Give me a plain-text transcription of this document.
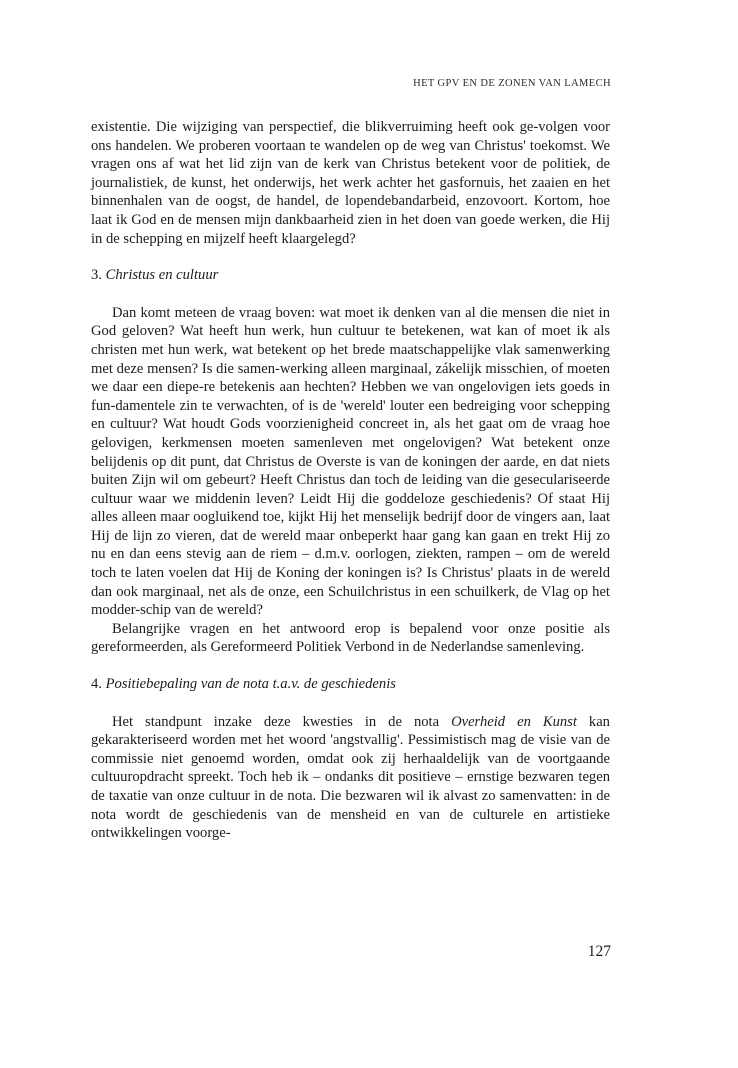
HET GPV EN DE ZONEN VAN LAMECH

existentie. Die wijziging van perspectief, die blikverruiming heeft ook ge-volgen voor ons handelen. We proberen voortaan te wandelen op de weg van Christus' toekomst. We vragen ons af wat het lid zijn van de kerk van Christus betekent voor de politiek, de journalistiek, de kunst, het onderwijs, het werk achter het gasfornuis, het zaaien en het binnenhalen van de oogst, de handel, de lopendebandarbeid, enzovoort. Kortom, hoe laat ik God en de mensen mijn dankbaarheid zien in het doen van goede werken, die Hij in de schepping en mijzelf heeft klaargelegd?

3. Christus en cultuur

Dan komt meteen de vraag boven: wat moet ik denken van al die mensen die niet in God geloven? Wat heeft hun werk, hun cultuur te betekenen, wat kan of moet ik als christen met hun werk, wat betekent op het brede maatschappelijke vlak samenwerking met deze mensen? Is die samen-werking alleen marginaal, zákelijk misschien, of moeten we daar een diepe-re betekenis aan hechten? Hebben we van ongelovigen iets goeds in fun-damentele zin te verwachten, of is de 'wereld' louter een bedreiging voor schepping en cultuur? Wat houdt Gods voorzienigheid concreet in, als het gaat om de vraag hoe gelovigen, kerkmensen moeten samenleven met ongelovigen? Wat betekent onze belijdenis op dit punt, dat Christus de Overste is van de koningen der aarde, en dat niets buiten Zijn wil om gebeurt? Heeft Christus dan toch de leiding van die geseculariseerde cultuur waar we middenin leven? Leidt Hij die goddeloze geschiedenis? Of staat Hij alles alleen maar oogluikend toe, kijkt Hij het menselijk bedrijf door de vingers aan, laat Hij de lijn zo vieren, dat de wereld maar onbeperkt haar gang kan gaan en trekt Hij zo nu en dan eens stevig aan de riem – d.m.v. oorlogen, ziekten, rampen – om de wereld toch te laten voelen dat Hij de Koning der koningen is? Is Christus' plaats in de wereld dan ook marginaal, net als de onze, een Schuilchristus in een schuilkerk, de Vlag op het modder-schip van de wereld?

Belangrijke vragen en het antwoord erop is bepalend voor onze positie als gereformeerden, als Gereformeerd Politiek Verbond in de Nederlandse samenleving.

4. Positiebepaling van de nota t.a.v. de geschiedenis

Het standpunt inzake deze kwesties in de nota Overheid en Kunst kan gekarakteriseerd worden met het woord 'angstvallig'. Pessimistisch mag de visie van de commissie niet genoemd worden, omdat ook zij herhaaldelijk van de voortgaande cultuuropdracht spreekt. Toch heb ik – ondanks dit positieve – ernstige bezwaren tegen de taxatie van onze cultuur in de nota. Die bezwaren wil ik alvast zo samenvatten: in de nota wordt de geschiedenis van de mensheid en van de culturele en artistieke ontwikkelingen voorge-

127
